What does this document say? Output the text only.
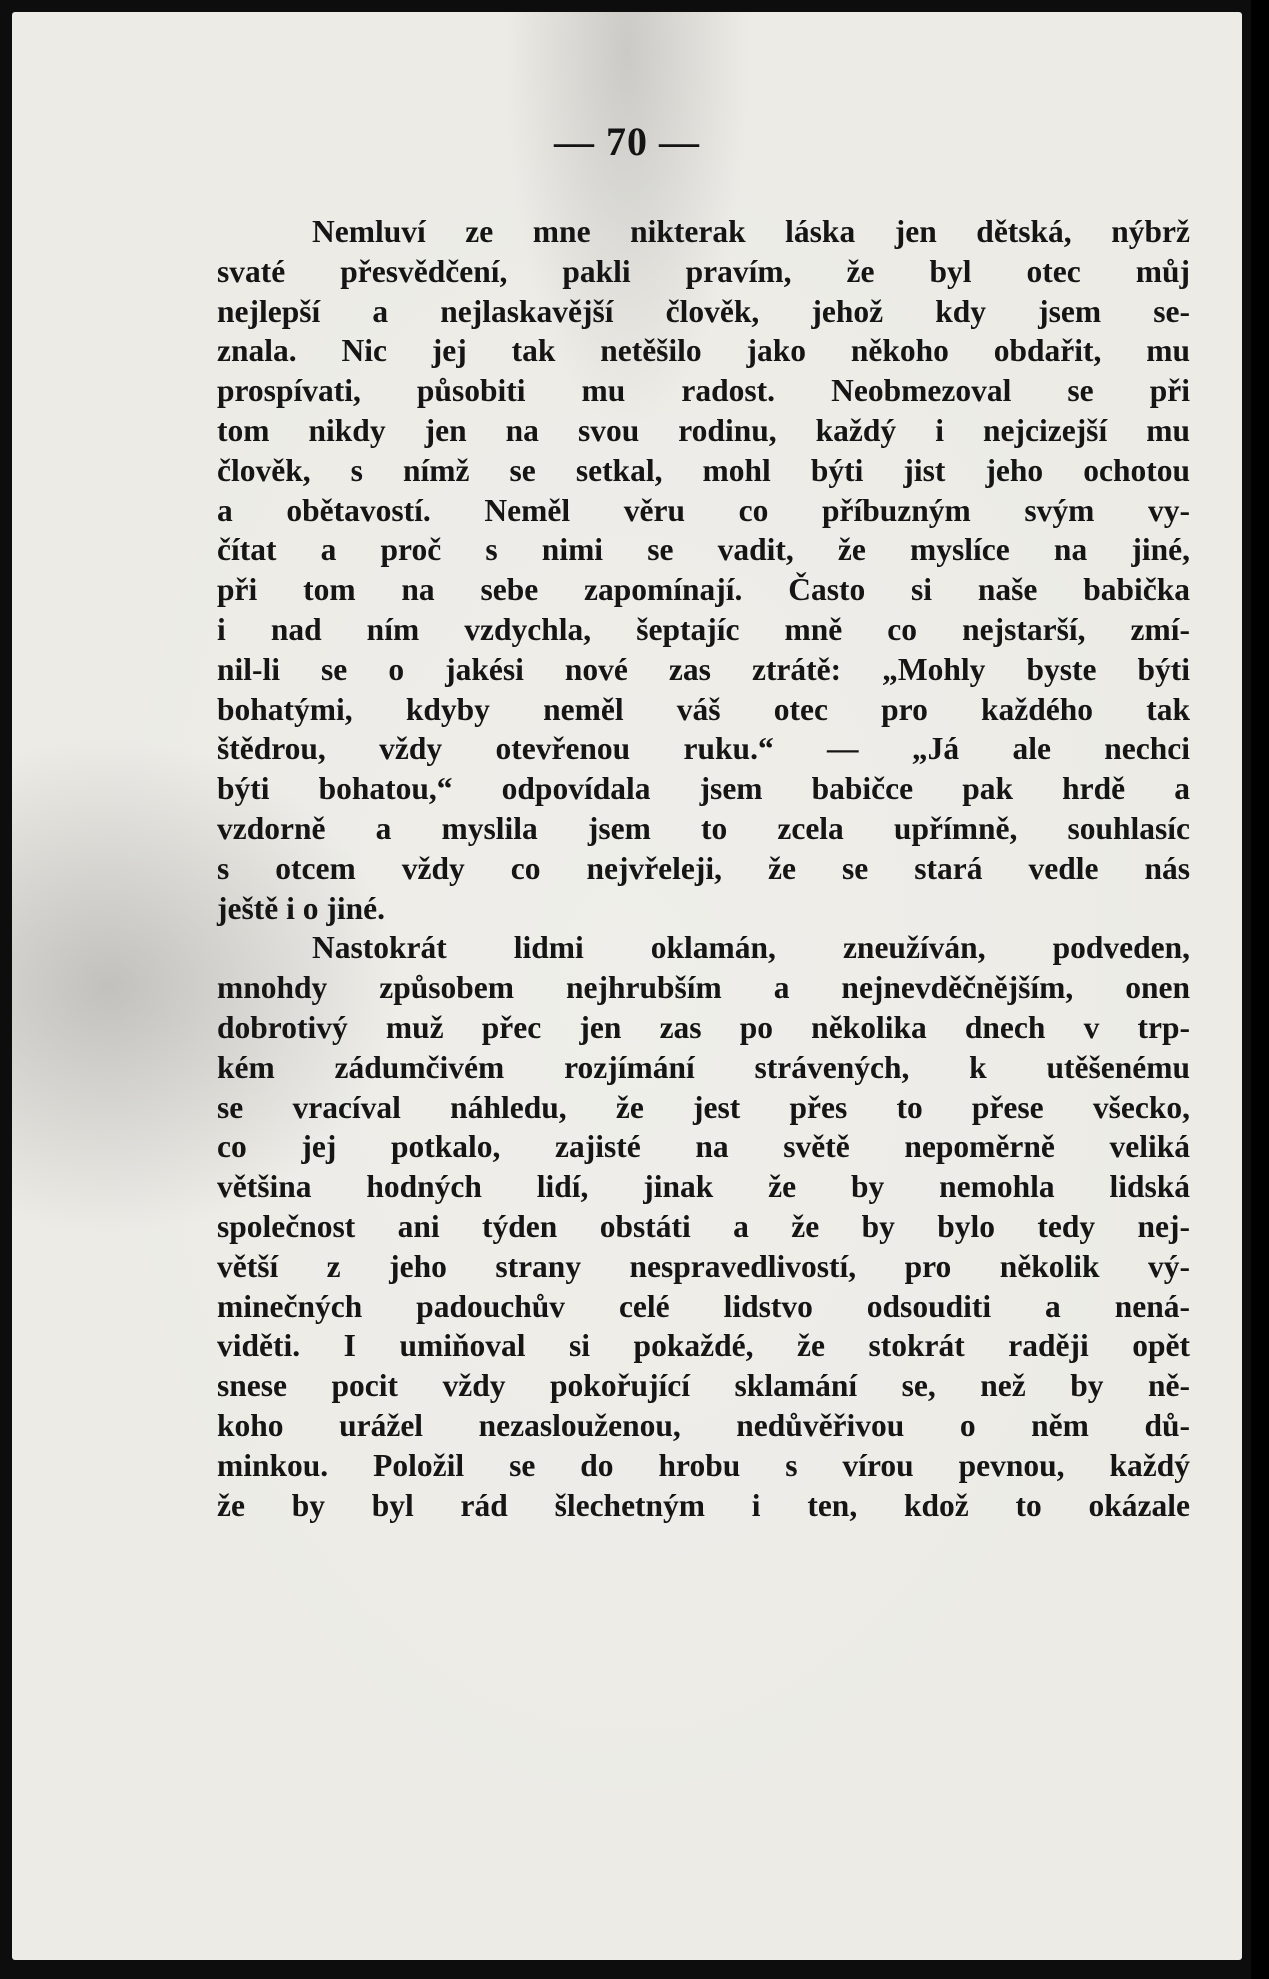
— 70 —
Nemluví ze mne nikterak láska jen dětská, nýbrž
svaté přesvědčení, pakli pravím, že byl otec můj
nejlepší a nejlaskavější člověk, jehož kdy jsem se-
znala. Nic jej tak netěšilo jako někoho obdařit, mu
prospívati, působiti mu radost. Neobmezoval se při
tom nikdy jen na svou rodinu, každý i nejcizejší mu
člověk, s nímž se setkal, mohl býti jist jeho ochotou
a obětavostí. Neměl věru co příbuzným svým vy-
čítat a proč s nimi se vadit, že myslíce na jiné,
při tom na sebe zapomínají. Často si naše babička
i nad ním vzdychla, šeptajíc mně co nejstarší, zmí-
nil-li se o jakési nové zas ztrátě: „Mohly byste býti
bohatými, kdyby neměl váš otec pro každého tak
štědrou, vždy otevřenou ruku.“ — „Já ale nechci
býti bohatou,“ odpovídala jsem babičce pak hrdě a
vzdorně a myslila jsem to zcela upřímně, souhlasíc
s otcem vždy co nejvřeleji, že se stará vedle nás
ještě i o jiné.
Nastokrát lidmi oklamán, zneužíván, podveden,
mnohdy způsobem nejhrubším a nejnevděčnějším, onen
dobrotivý muž přec jen zas po několika dnech v trp-
kém zádumčivém rozjímání strávených, k utěšenému
se vracíval náhledu, že jest přes to přese všecko,
co jej potkalo, zajisté na světě nepoměrně veliká
většina hodných lidí, jinak že by nemohla lidská
společnost ani týden obstáti a že by bylo tedy nej-
větší z jeho strany nespravedlivostí, pro několik vý-
minečných padouchův celé lidstvo odsouditi a nená-
viděti. I umiňoval si pokaždé, že stokrát raději opět
snese pocit vždy pokořující sklamání se, než by ně-
koho urážel nezaslouženou, nedůvěřivou o něm dů-
minkou. Položil se do hrobu s vírou pevnou, každý
že by byl rád šlechetným i ten, kdož to okázale
